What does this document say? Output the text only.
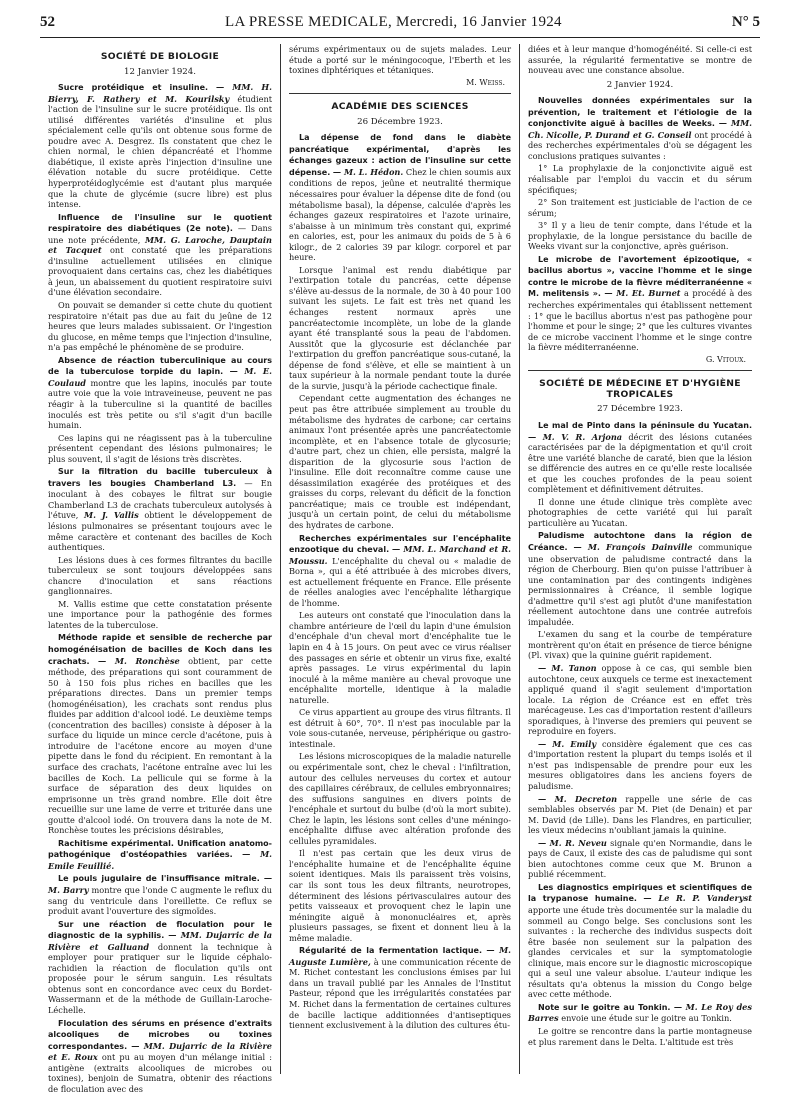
52	LA PRESSE MEDICALE, Mercredi, 16 Janvier 1924	N° 5
SOCIÉTÉ DE BIOLOGIE
12 Janvier 1924.

Sucre protéidique et insuline. — MM. H. Bierry, F. Rathery et M. Kourilsky étudient l'action de l'insuline sur le sucre protéidique. Ils ont utilisé différentes variétés d'insuline et plus spécialement celle qu'ils ont obtenue sous forme de poudre avec A. Desgrez. Ils constatent que chez le chien normal, le chien dépancréaté et l'homme diabétique, il existe après l'injection d'insuline une élévation notable du sucre protéidique. Cette hyperprotéidoglycémie est d'autant plus marquée que la chute de glycémie (sucre libre) est plus intense.

Influence de l'insuline sur le quotient respiratoire des diabétiques (2e note). — Dans une note précédente, MM. G. Laroche, Dauptain et Tacquet ont constaté que les préparations d'insuline actuellement utilisées en clinique provoquaient dans certains cas, chez les diabétiques à jeun, un abaissement du quotient respiratoire suivi d'une élévation secondaire.

On pouvait se demander si cette chute du quotient respiratoire n'était pas due au fait du jeûne de 12 heures que leurs malades subissaient. Or l'ingestion du glucose, en même temps que l'injection d'insuline, n'a pas empêché le phénomène de se produire.

Absence de réaction tuberculinique au cours de la tuberculose torpide du lapin. — M. E. Coulaud montre que les lapins, inoculés par toute autre voie que la voie intraveineuse, peuvent ne pas réagir à la tuberculine si la quantité de bacilles inoculés est très petite ou s'il s'agit d'un bacille humain.

Ces lapins qui ne réagissent pas à la tuberculine présentent cependant des lésions pulmonaires; le plus souvent, il s'agit de lésions très discrètes.

Sur la filtration du bacille tuberculeux à travers les bougies Chamberland L3. — En inoculant à des cobayes le filtrat sur bougie Chamberland L3 de crachats tuberculeux autolysés à l'étuve, M. J. Vallis obtient le développement de lésions pulmonaires se présentant toujours avec le même caractère et contenant des bacilles de Koch authentiques.

Les lésions dues à ces formes filtrantes du bacille tuberculeux se sont toujours développées sans chancre d'inoculation et sans réactions ganglionnaires.

M. Vallis estime que cette constatation présente une importance pour la pathogénie des formes latentes de la tuberculose.

Méthode rapide et sensible de recherche par homogénéisation de bacilles de Koch dans les crachats. — M. Ronchèse obtient, par cette méthode, des préparations qui sont couramment de 50 à 150 fois plus riches en bacilles que les préparations directes. Dans un premier temps (homogénéisation), les crachats sont rendus plus fluides par addition d'alcool iodé. Le deuxième temps (concentration des bacilles) consiste à déposer à la surface du liquide un mince cercle d'acétone, puis à introduire de l'acétone encore au moyen d'une pipette dans le fond du récipient. En remontant à la surface des crachats, l'acétone entraîne avec lui les bacilles de Koch. La pellicule qui se forme à la surface de séparation des deux liquides on emprisonne un très grand nombre. Elle doit être recueillie sur une lame de verre et triturée dans une goutte d'alcool iodé. On trouvera dans la note de M. Ronchèse toutes les précisions désirables,

Rachitisme expérimental. Unification anatomo-pathogénique d'ostéopathies variées. — M. Emile Feuillié.

Le pouls jugulaire de l'insuffisance mitrale. — M. Barry montre que l'onde C augmente le reflux du sang du ventricule dans l'oreillette. Ce reflux se produit avant l'ouverture des sigmoïdes.

Sur une réaction de floculation pour le diagnostic de la syphilis. — MM. Dujarric de la Rivière et Galluand donnent la technique à employer pour pratiquer sur le liquide céphalo-rachidien la réaction de floculation qu'ils ont proposée pour le sérum sanguin. Les résultats obtenus sont en concordance avec ceux du Bordet-Wassermann et de la méthode de Guillain-Laroche-Léchelle.

Floculation des sérums en présence d'extraits alcooliques de microbes ou toxines correspondantes. — MM. Dujarric de la Rivière et E. Roux ont pu au moyen d'un mélange initial : antigène (extraits alcooliques de microbes ou toxines), benjoin de Sumatra, obtenir des réactions de floculation avec des

sérums expérimentaux ou de sujets malades. Leur étude a porté sur le méningocoque, l'Eberth et les toxines diphtériques et tétaniques.

M. Weiss.
ACADÉMIE DES SCIENCES
26 Décembre 1923.

La dépense de fond dans le diabète pancréatique expérimental, d'après les échanges gazeux : action de l'insuline sur cette dépense. — M. L. Hédon. Chez le chien soumis aux conditions de repos, jeûne et neutralité thermique nécessaires pour évaluer la dépense dite de fond (ou métabolisme basal), la dépense, calculée d'après les échanges gazeux respiratoires et l'azote urinaire, s'abaisse à un minimum très constant qui, exprimé en calories, est, pour les animaux du poids de 5 à 6 kilogr., de 2 calories 39 par kilogr. corporel et par heure.

Lorsque l'animal est rendu diabétique par l'extirpation totale du pancréas, cette dépense s'élève au-dessus de la normale, de 30 à 40 pour 100 suivant les sujets. Le fait est très net quand les échanges restent normaux après une pancréatectomie incomplète, un lobe de la glande ayant été transplanté sous la peau de l'abdomen. Aussitôt que la glycosurie est déclanchée par l'extirpation du greffon pancréatique sous-cutané, la dépense de fond s'élève, et elle se maintient à un taux supérieur à la normale pendant toute la durée de la survie, jusqu'à la période cachectique finale.

Cependant cette augmentation des échanges ne peut pas être attribuée simplement au trouble du métabolisme des hydrates de carbone; car certains animaux l'ont présentée après une pancréatectomie incomplète, et en l'absence totale de glycosurie; d'autre part, chez un chien, elle persista, malgré la disparition de la glycosurie sous l'action de l'insuline. Elle doit reconnaître comme cause une désassimilation exagérée des protéiques et des graisses du corps, relevant du déficit de la fonction pancréatique; mais ce trouble est indépendant, jusqu'à un certain point, de celui du métabolisme des hydrates de carbone.

Recherches expérimentales sur l'encéphalite enzootique du cheval. — MM. L. Marchand et R. Moussu. L'encéphalite du cheval ou « maladie de Borna », qui a été attribuée à des microbes divers, est actuellement fréquente en France. Elle présente de réelles analogies avec l'encéphalite léthargique de l'homme.

Les auteurs ont constaté que l'inoculation dans la chambre antérieure de l'œil du lapin d'une émulsion d'encéphale d'un cheval mort d'encéphalite tue le lapin en 4 à 15 jours. On peut avec ce virus réaliser des passages en série et obtenir un virus fixe, exalté après passages. Le virus expérimental du lapin inoculé à la même manière au cheval provoque une encéphalite mortelle, identique à la maladie naturelle.

Ce virus appartient au groupe des virus filtrants. Il est détruit à 60°, 70°. Il n'est pas inoculable par la voie sous-cutanée, nerveuse, périphérique ou gastro-intestinale.

Les lésions microscopiques de la maladie naturelle ou expérimentale sont, chez le cheval : l'infiltration, autour des cellules nerveuses du cortex et autour des capillaires cérébraux, de cellules embryonnaires; des suffusions sanguines en divers points de l'encéphale et surtout du bulbe (d'où la mort subite). Chez le lapin, les lésions sont celles d'une méningo-encéphalite diffuse avec altération profonde des cellules pyramidales.

Il n'est pas certain que les deux virus de l'encéphalite humaine et de l'encéphalite équine soient identiques. Mais ils paraissent très voisins, car ils sont tous les deux filtrants, neurotropes, déterminent des lésions périvasculaires autour des petits vaisseaux et provoquent chez le lapin une méningite aiguë à mononucléaires et, après plusieurs passages, se fixent et donnent lieu à la même maladie.

Régularité de la fermentation lactique. — M. Auguste Lumière, à une communication récente de M. Richet contestant les conclusions émises par lui dans un travail publié par les Annales de l'Institut Pasteur, répond que les irrégularités constatées par M. Richet dans la fermentation de certaines cultures de bacille lactique additionnées d'antiseptiques tiennent exclusivement à la dilution des cultures étu-

diées et à leur manque d'homogénéité. Si celle-ci est assurée, la régularité fermentative se montre de nouveau avec une constance absolue.

2 Janvier 1924.

Nouvelles données expérimentales sur la prévention, le traitement et l'étiologie de la conjonctivite aiguë à bacilles de Weeks. — MM. Ch. Nicolle, P. Durand et G. Conseil ont procédé à des recherches expérimentales d'où se dégagent les conclusions pratiques suivantes :

1° La prophylaxie de la conjonctivite aiguë est réalisable par l'emploi du vaccin et du sérum spécifiques;

2° Son traitement est justiciable de l'action de ce sérum;

3° Il y a lieu de tenir compte, dans l'étude et la prophylaxie, de la longue persistance du bacille de Weeks vivant sur la conjonctive, après guérison.

Le microbe de l'avortement épizootique, « bacillus abortus », vaccine l'homme et le singe contre le microbe de la fièvre méditerranéenne « M. melitensis ». — M. Et. Burnet a procédé à des recherches expérimentales qui établissent nettement : 1° que le bacillus abortus n'est pas pathogène pour l'homme et pour le singe; 2° que les cultures vivantes de ce microbe vaccinent l'homme et le singe contre la fièvre méditerranéenne.

G. Vitoux.
SOCIÉTÉ DE MÉDECINE ET D'HYGIÈNE TROPICALES
27 Décembre 1923.

Le mal de Pinto dans la péninsule du Yucatan. — M. V. R. Arjona décrit des lésions cutanées caractérisées par de la dépigmentation et qu'il croit être une variété blanche de caraté, bien que la lésion se différencie des autres en ce qu'elle reste localisée et que les couches profondes de la peau soient complètement et définitivement détruites.

Il donne une étude clinique très complète avec photographies de cette variété qui lui paraît particulière au Yucatan.

Paludisme autochtone dans la région de Créance. — M. François Dainville communique une observation de paludisme contracté dans la région de Cherbourg. Bien qu'on puisse l'attribuer à une contamination par des contingents indigènes permissionnaires à Créance, il semble logique d'admettre qu'il s'est agi plutôt d'une manifestation réellement autochtone dans une contrée autrefois impaludée.

L'examen du sang et la courbe de température montrèrent qu'on était en présence de tierce bénigne (Pl. vivax) que la quinine guérit rapidement.

— M. Tanon oppose à ce cas, qui semble bien autochtone, ceux auxquels ce terme est inexactement appliqué quand il s'agit seulement d'importation locale. La région de Créance est en effet très marécageuse. Les cas d'importation restent d'ailleurs sporadiques, à l'inverse des premiers qui peuvent se reproduire en foyers.

— M. Emily considère également que ces cas d'importation restent la plupart du temps isolés et il n'est pas indispensable de prendre pour eux les mesures obligatoires dans les anciens foyers de paludisme.

— M. Decreton rappelle une série de cas semblables observés par M. Piet (de Denain) et par M. David (de Lille). Dans les Flandres, en particulier, les vieux médecins n'oubliant jamais la quinine.

— M. R. Neveu signale qu'en Normandie, dans le pays de Caux, il existe des cas de paludisme qui sont bien autochtones comme ceux que M. Brunon a publié récemment.

Les diagnostics empiriques et scientifiques de la trypanose humaine. — Le R. P. Vanderyst apporte une étude très documentée sur la maladie du sommeil au Congo belge. Ses conclusions sont les suivantes : la recherche des individus suspects doit être basée non seulement sur la palpation des glandes cervicales et sur la symptomatologie clinique, mais encore sur le diagnostic microscopique qui a seul une valeur absolue. L'auteur indique les résultats qu'a obtenus la mission du Congo belge avec cette méthode.

Note sur le goitre au Tonkin. — M. Le Roy des Barres envoie une étude sur le goitre au Tonkin.

Le goitre se rencontre dans la partie montagneuse et plus rarement dans le Delta. L'altitude est très
